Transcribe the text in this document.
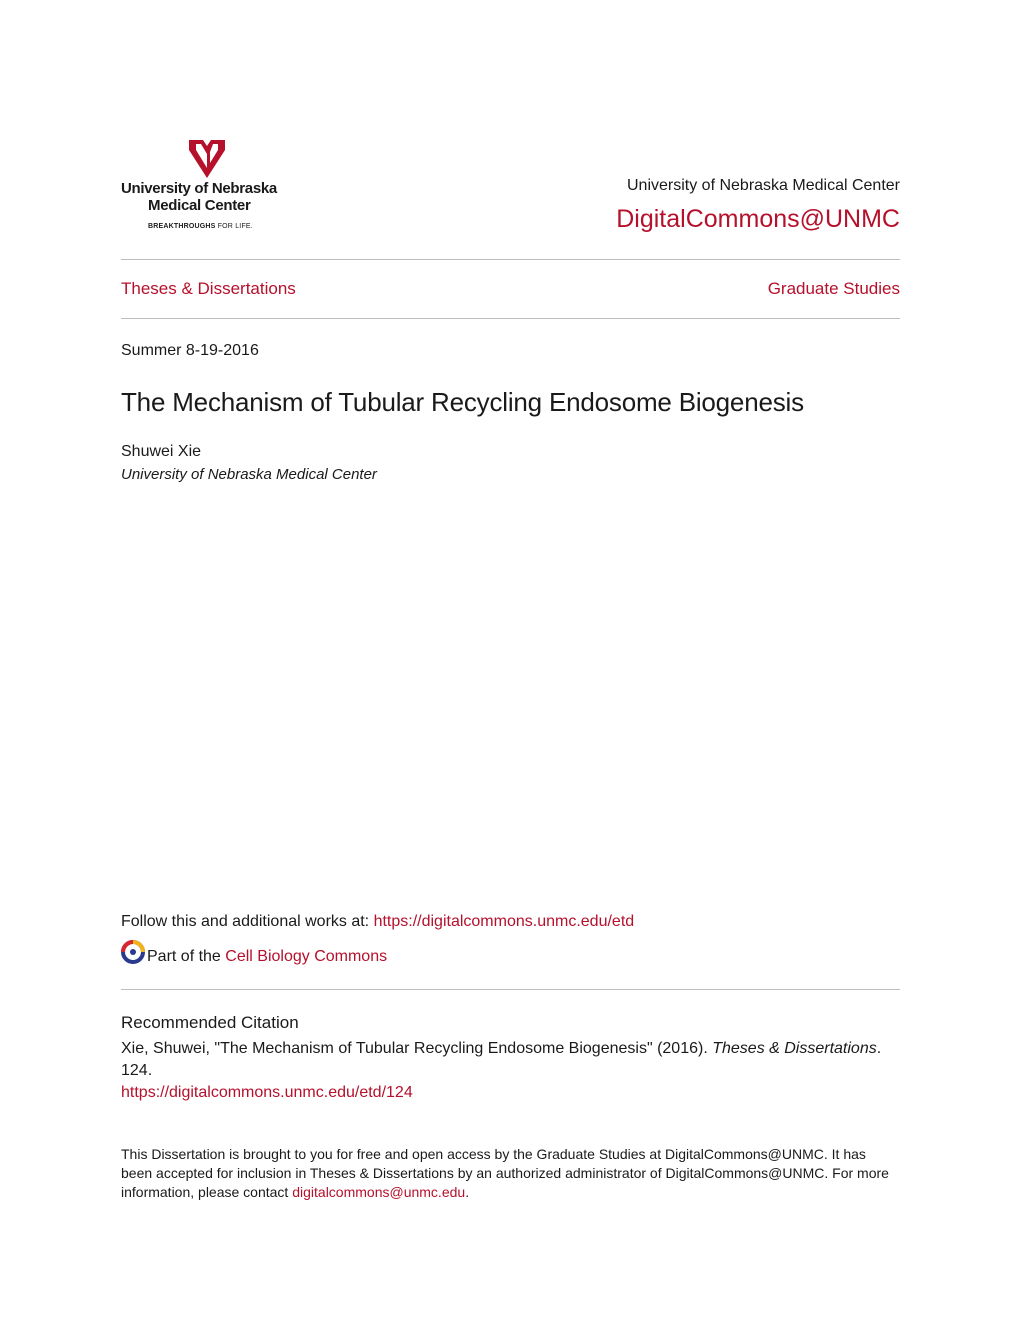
University of Nebraska
Medical Center
BREAKTHROUGHS FOR LIFE.
University of Nebraska Medical Center
DigitalCommons@UNMC
Theses & Dissertations	Graduate Studies
Summer 8-19-2016
The Mechanism of Tubular Recycling Endosome Biogenesis
Shuwei Xie
University of Nebraska Medical Center
Follow this and additional works at: https://digitalcommons.unmc.edu/etd
Part of the Cell Biology Commons
Recommended Citation
Xie, Shuwei, "The Mechanism of Tubular Recycling Endosome Biogenesis" (2016). Theses & Dissertations. 124.
https://digitalcommons.unmc.edu/etd/124
This Dissertation is brought to you for free and open access by the Graduate Studies at DigitalCommons@UNMC. It has been accepted for inclusion in Theses & Dissertations by an authorized administrator of DigitalCommons@UNMC. For more information, please contact digitalcommons@unmc.edu.
